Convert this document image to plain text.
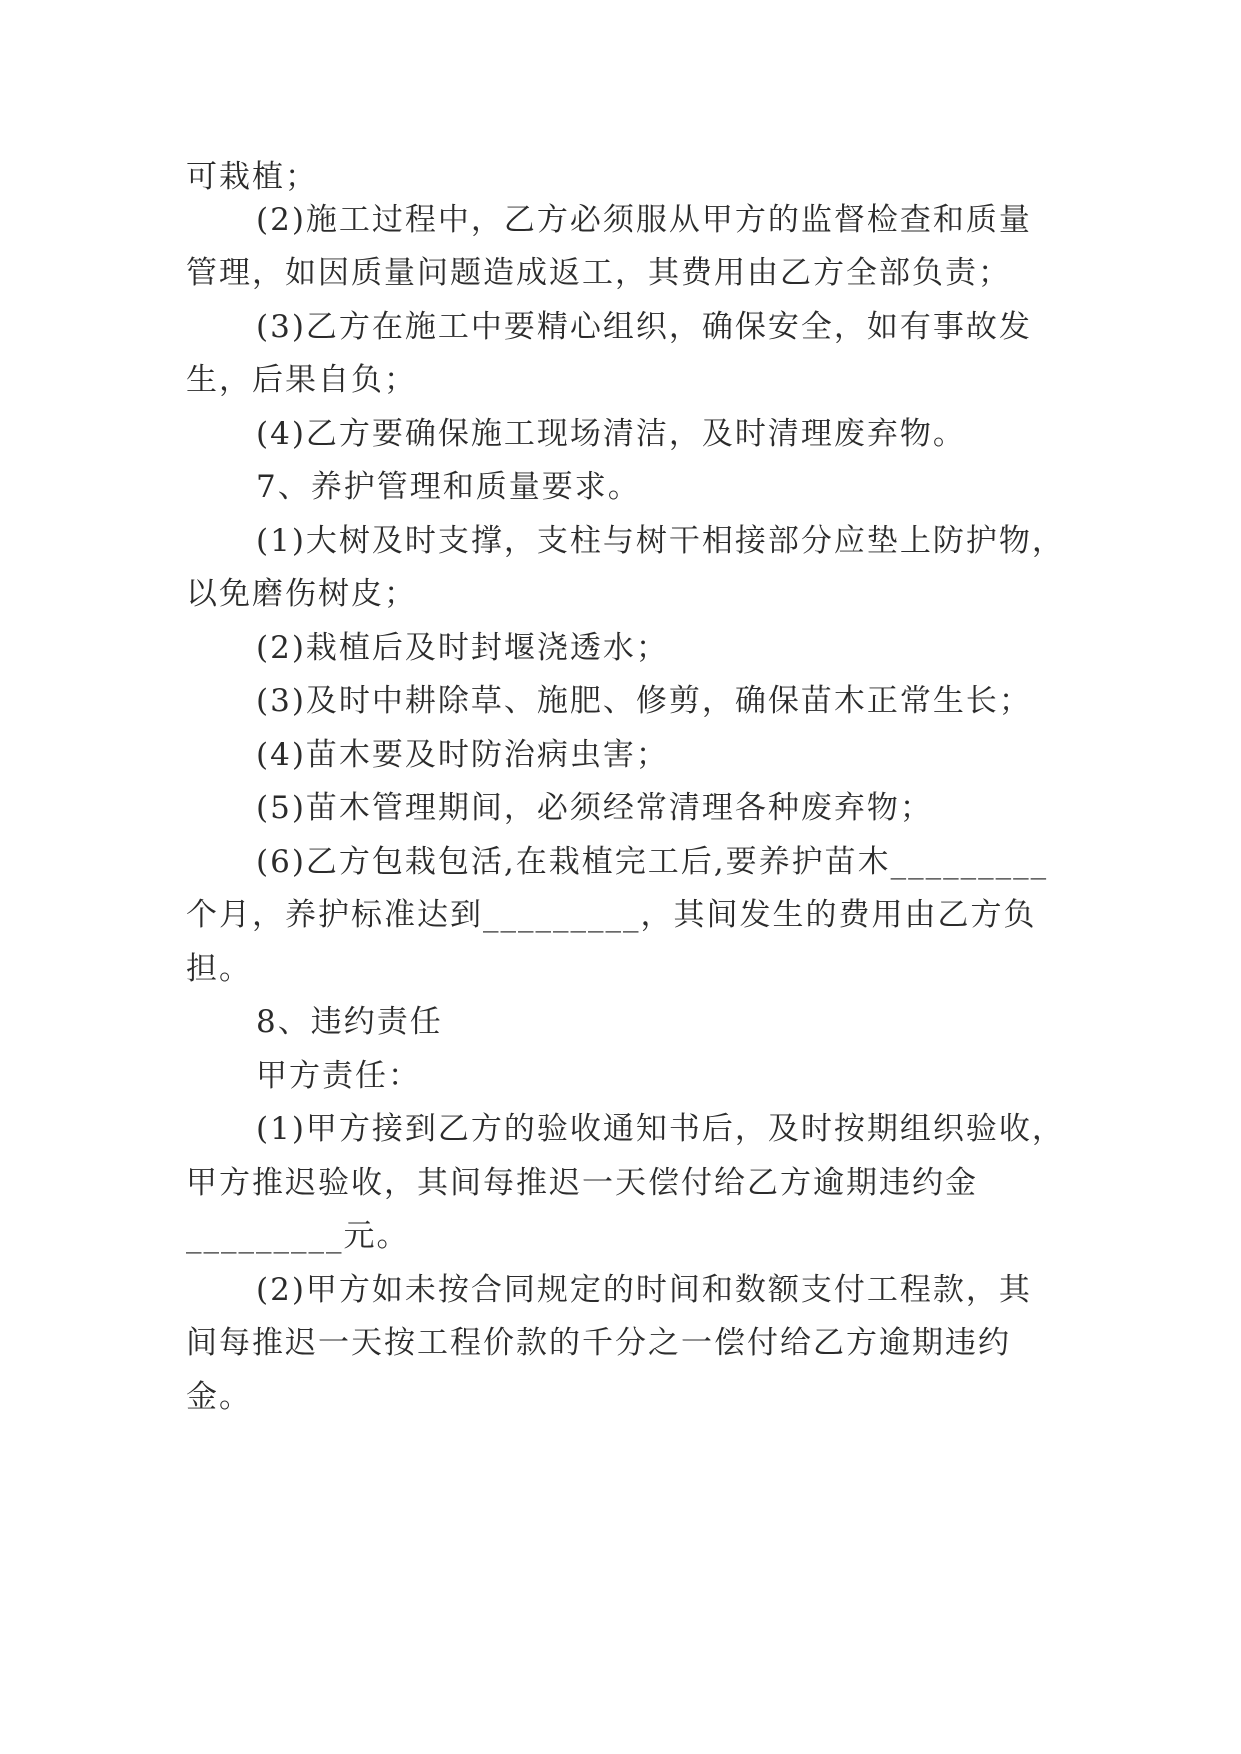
可栽植；
(2)施工过程中，乙方必须服从甲方的监督检查和质量
管理，如因质量问题造成返工，其费用由乙方全部负责；
(3)乙方在施工中要精心组织，确保安全，如有事故发
生，后果自负；
(4)乙方要确保施工现场清洁，及时清理废弃物。
7、养护管理和质量要求。
(1)大树及时支撑，支柱与树干相接部分应垫上防护物，
以免磨伤树皮；
(2)栽植后及时封堰浇透水；
(3)及时中耕除草、施肥、修剪，确保苗木正常生长；
(4)苗木要及时防治病虫害；
(5)苗木管理期间，必须经常清理各种废弃物；
(6)乙方包栽包活,在栽植完工后,要养护苗木_________
个月，养护标准达到_________，其间发生的费用由乙方负
担。
8、违约责任
甲方责任：
(1)甲方接到乙方的验收通知书后，及时按期组织验收，
甲方推迟验收，其间每推迟一天偿付给乙方逾期违约金
_________元。
(2)甲方如未按合同规定的时间和数额支付工程款，其
间每推迟一天按工程价款的千分之一偿付给乙方逾期违约
金。
